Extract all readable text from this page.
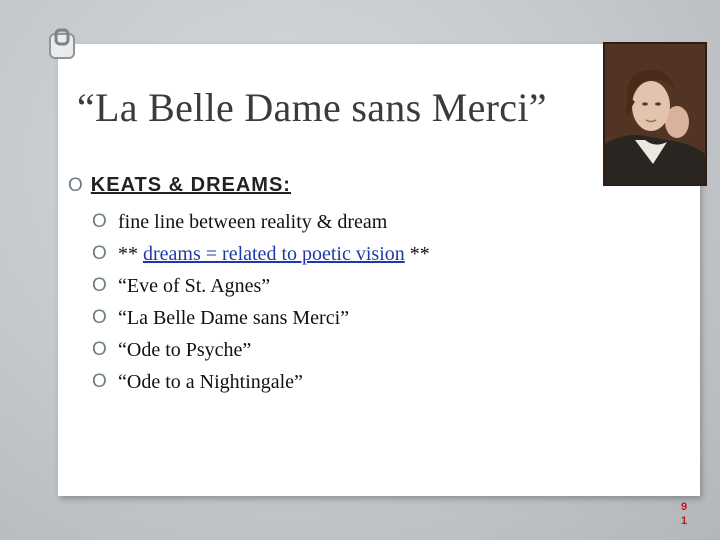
“La Belle Dame sans Merci”
O KEATS & DREAMS:
O fine line between reality & dream
O ** dreams = related to poetic vision **
O “Eve of St. Agnes”
O “La Belle Dame sans Merci”
O “Ode to Psyche”
O “Ode to a Nightingale”
9
1
